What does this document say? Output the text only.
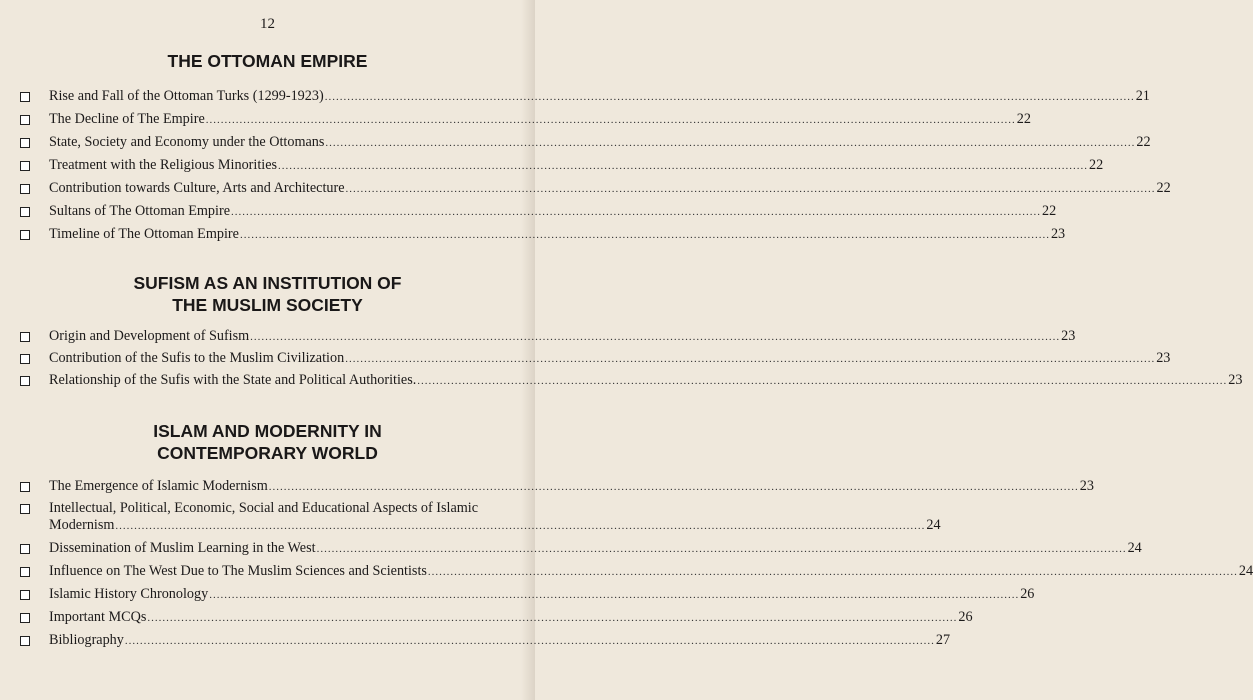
12
THE OTTOMAN EMPIRE
Rise and Fall of the Ottoman Turks (1299-1923) .....	21
The Decline of The Empire .....	22
State, Society and Economy under the Ottomans .....	22
Treatment with the Religious Minorities .....	22
Contribution towards Culture, Arts and Architecture .....	22
Sultans of The Ottoman Empire .....	22
Timeline of The Ottoman Empire .....	23
SUFISM AS AN INSTITUTION OF
THE MUSLIM SOCIETY
Origin and Development of Sufism .....	23
Contribution of the Sufis to the Muslim Civilization .....	23
Relationship of the Sufis with the State and Political Authorities. .....	23
ISLAM AND MODERNITY IN
CONTEMPORARY WORLD
The Emergence of Islamic Modernism .....	23
Intellectual, Political, Economic, Social and Educational Aspects of Islamic
Modernism .....	24
Dissemination of Muslim Learning in the West .....	24
Influence on The West Due to The Muslim Sciences and Scientists .....	24
Islamic History Chronology .....	26
Important MCQs .....	26
Bibliography .....	27
